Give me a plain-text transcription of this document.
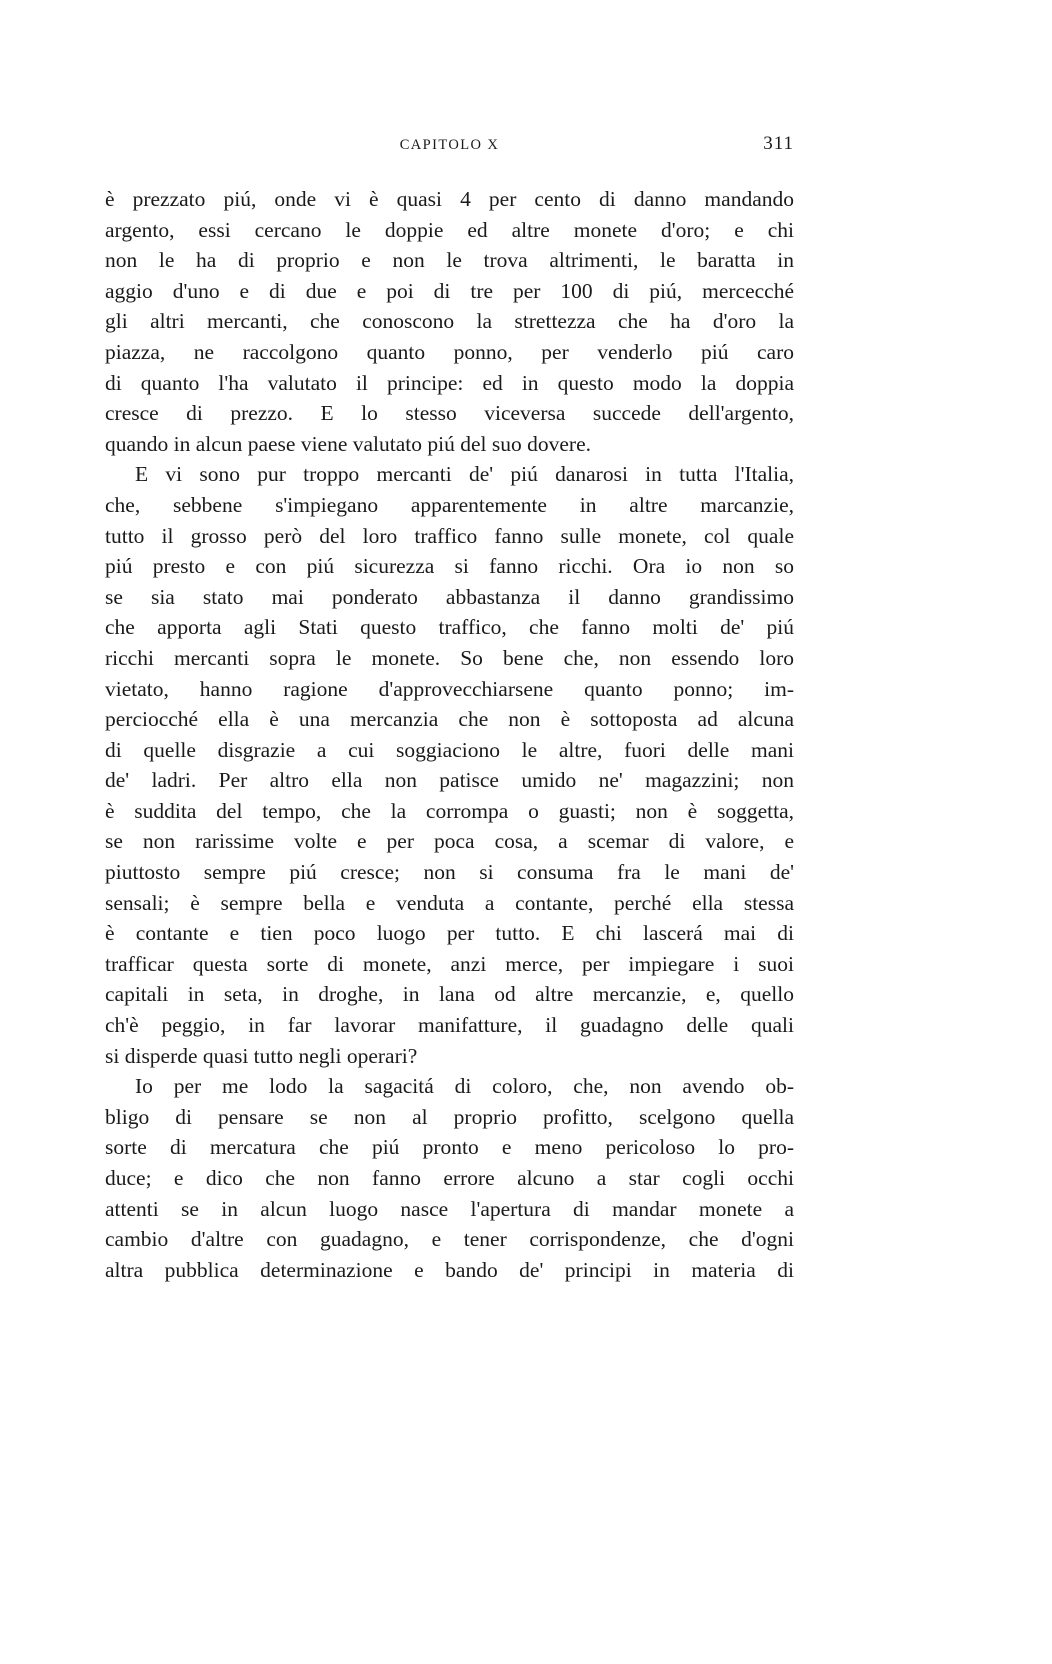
CAPITOLO X	311

è prezzato piú, onde vi è quasi 4 per cento di danno mandando
argento, essi cercano le doppie ed altre monete d'oro; e chi
non le ha di proprio e non le trova altrimenti, le baratta in
aggio d'uno e di due e poi di tre per 100 di piú, mercecché
gli altri mercanti, che conoscono la strettezza che ha d'oro la
piazza, ne raccolgono quanto ponno, per venderlo piú caro
di quanto l'ha valutato il principe: ed in questo modo la doppia
cresce di prezzo. E lo stesso viceversa succede dell'argento,
quando in alcun paese viene valutato piú del suo dovere.

E vi sono pur troppo mercanti de' piú danarosi in tutta l'Italia,
che, sebbene s'impiegano apparentemente in altre marcanzie,
tutto il grosso però del loro traffico fanno sulle monete, col quale
piú presto e con piú sicurezza si fanno ricchi. Ora io non so
se sia stato mai ponderato abbastanza il danno grandissimo
che apporta agli Stati questo traffico, che fanno molti de' piú
ricchi mercanti sopra le monete. So bene che, non essendo loro
vietato, hanno ragione d'approvecchiarsene quanto ponno; im-
perciocché ella è una mercanzia che non è sottoposta ad alcuna
di quelle disgrazie a cui soggiaciono le altre, fuori delle mani
de' ladri. Per altro ella non patisce umido ne' magazzini; non
è suddita del tempo, che la corrompa o guasti; non è soggetta,
se non rarissime volte e per poca cosa, a scemar di valore, e
piuttosto sempre piú cresce; non si consuma fra le mani de'
sensali; è sempre bella e venduta a contante, perché ella stessa
è contante e tien poco luogo per tutto. E chi lascerá mai di
trafficar questa sorte di monete, anzi merce, per impiegare i suoi
capitali in seta, in droghe, in lana od altre mercanzie, e, quello
ch'è peggio, in far lavorar manifatture, il guadagno delle quali
si disperde quasi tutto negli operari?

Io per me lodo la sagacitá di coloro, che, non avendo ob-
bligo di pensare se non al proprio profitto, scelgono quella
sorte di mercatura che piú pronto e meno pericoloso lo pro-
duce; e dico che non fanno errore alcuno a star cogli occhi
attenti se in alcun luogo nasce l'apertura di mandar monete a
cambio d'altre con guadagno, e tener corrispondenze, che d'ogni
altra pubblica determinazione e bando de' principi in materia di
